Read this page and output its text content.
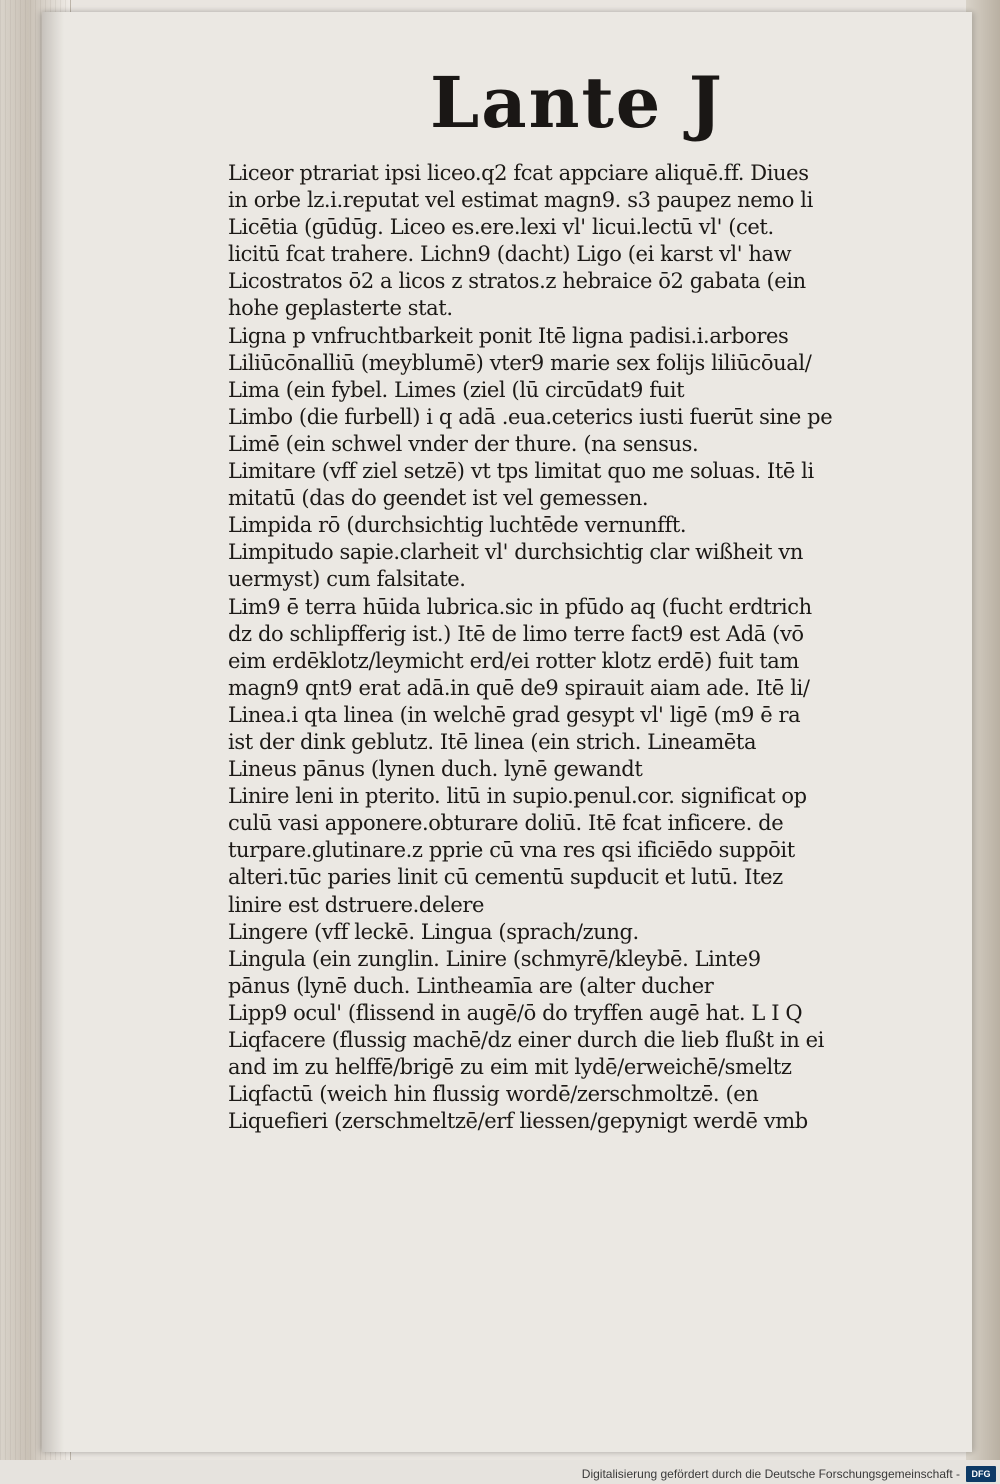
Lante J
Liceor ptrariat ipsi liceo.q2 fcat appciare aliquē.ff. Diues
in orbe lz.i.reputat vel estimat magn9. s3 paupez nemo li
Licētia (gūdūg. Liceo es.ere.lexi vl' licui.lectū vl' (cet.
licitū fcat trahere. Lichn9 (dacht) Ligo (ei karst vl' haw
Licostratos ō2 a licos z stratos.z hebraice ō2 gabata (ein
hohe geplasterte stat.
Ligna p vnfruchtbarkeit ponit Itē ligna padisi.i.arbores
Liliūcōnalliū (meyblumē) vter9 marie sex folijs liliūcōual/
Lima (ein fybel. Limes (ziel (lū circūdat9 fuit
Limbo (die furbell) i q adā .eua.ceterics iusti fuerūt sine pe
Limē (ein schwel vnder der thure. (na sensus.
Limitare (vff ziel setzē) vt tps limitat quo me soluas. Itē li
mitatū (das do geendet ist vel gemessen.
Limpida rō (durchsichtig luchtēde vernunfft.
Limpitudo sapie.clarheit vl' durchsichtig clar wißheit vn
uermyst) cum falsitate.
Lim9 ē terra hūida lubrica.sic in pfūdo aq (fucht erdtrich
dz do schlipfferig ist.) Itē de limo terre fact9 est Adā (vō
eim erdēklotz/leymicht erd/ei rotter klotz erdē) fuit tam
magn9 qnt9 erat adā.in quē de9 spirauit aiam ade. Itē li/
Linea.i qta linea (in welchē grad gesypt vl' ligē (m9 ē ra
ist der dink geblutz. Itē linea (ein strich. Lineamēta
Lineus pānus (lynen duch. lynē gewandt
Linire leni in pterito. litū in supio.penul.cor. significat op
culū vasi apponere.obturare doliū. Itē fcat inficere. de
turpare.glutinare.z pprie cū vna res qsi ificiēdo suppōit
alteri.tūc paries linit cū cementū supducit et lutū. Itez
linire est dstruere.delere
Lingere (vff leckē. Lingua (sprach/zung.
Lingula (ein zunglin. Linire (schmyrē/kleybē. Linte9
pānus (lynē duch. Lintheamīa are (alter ducher
Lipp9 ocul' (flissend in augē/ō do tryffen augē hat. L I Q
Liqfacere (flussig machē/dz einer durch die lieb flußt in ei
and im zu helffē/brigē zu eim mit lydē/erweichē/smeltz
Liqfactū (weich hin flussig wordē/zerschmoltzē. (en
Liquefieri (zerschmeltzē/erf liessen/gepynigt werdē vmb
Digitalisierung gefördert durch die Deutsche Forschungsgemeinschaft -	DFG
